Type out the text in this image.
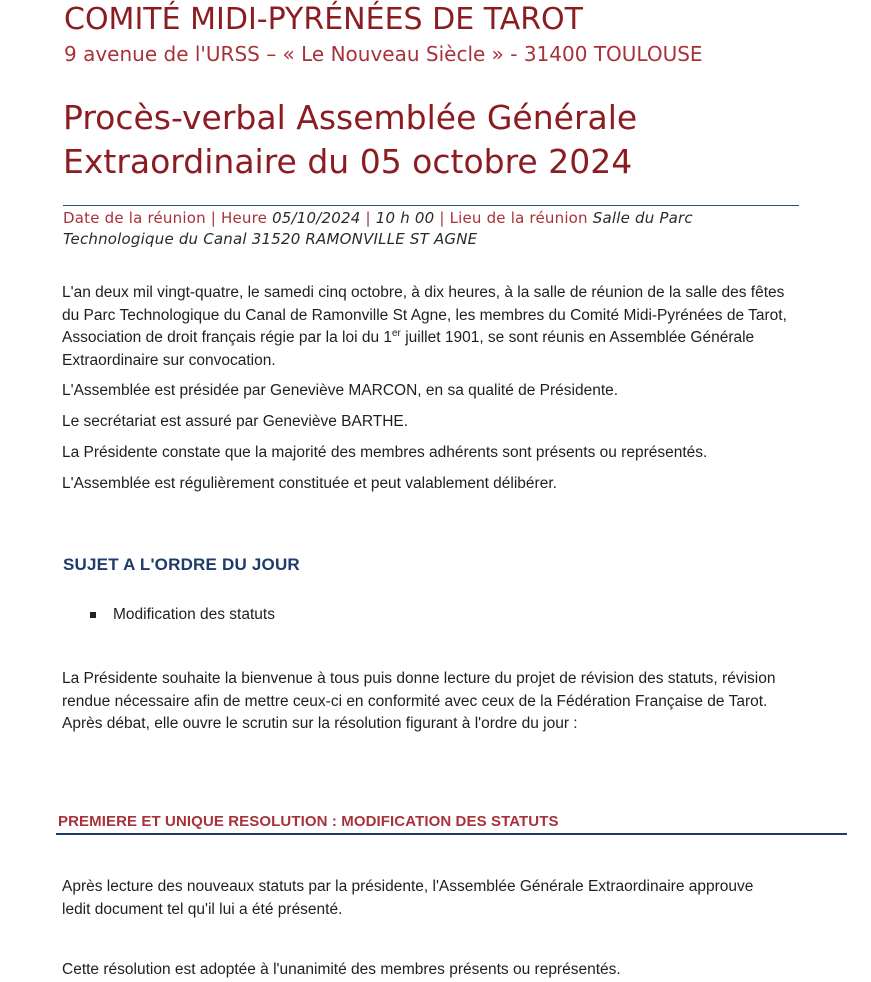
COMITÉ MIDI-PYRÉNÉES DE TAROT
9 avenue de l'URSS – « Le Nouveau Siècle » - 31400 TOULOUSE
Procès-verbal Assemblée Générale
Extraordinaire du 05 octobre 2024
Date de la réunion | Heure 05/10/2024 | 10 h 00 | Lieu de la réunion Salle du Parc Technologique du Canal 31520 RAMONVILLE ST AGNE

L'an deux mil vingt-quatre, le samedi cinq octobre, à dix heures, à la salle de réunion de la salle des fêtes du Parc Technologique du Canal de Ramonville St Agne, les membres du Comité Midi-Pyrénées de Tarot, Association de droit français régie par la loi du 1er juillet 1901, se sont réunis en Assemblée Générale Extraordinaire sur convocation.

L'Assemblée est présidée par Geneviève MARCON, en sa qualité de Présidente.

Le secrétariat est assuré par Geneviève BARTHE.

La Présidente constate que la majorité des membres adhérents sont présents ou représentés.

L'Assemblée est régulièrement constituée et peut valablement délibérer.

SUJET A L'ORDRE DU JOUR
Modification des statuts

La Présidente souhaite la bienvenue à tous puis donne lecture du projet de révision des statuts, révision rendue nécessaire afin de mettre ceux-ci en conformité avec ceux de la Fédération Française de Tarot. Après débat, elle ouvre le scrutin sur la résolution figurant à l'ordre du jour :

PREMIERE ET UNIQUE RESOLUTION : MODIFICATION DES STATUTS

Après lecture des nouveaux statuts par la présidente, l'Assemblée Générale Extraordinaire approuve ledit document tel qu'il lui a été présenté.

Cette résolution est adoptée à l'unanimité des membres présents ou représentés.
